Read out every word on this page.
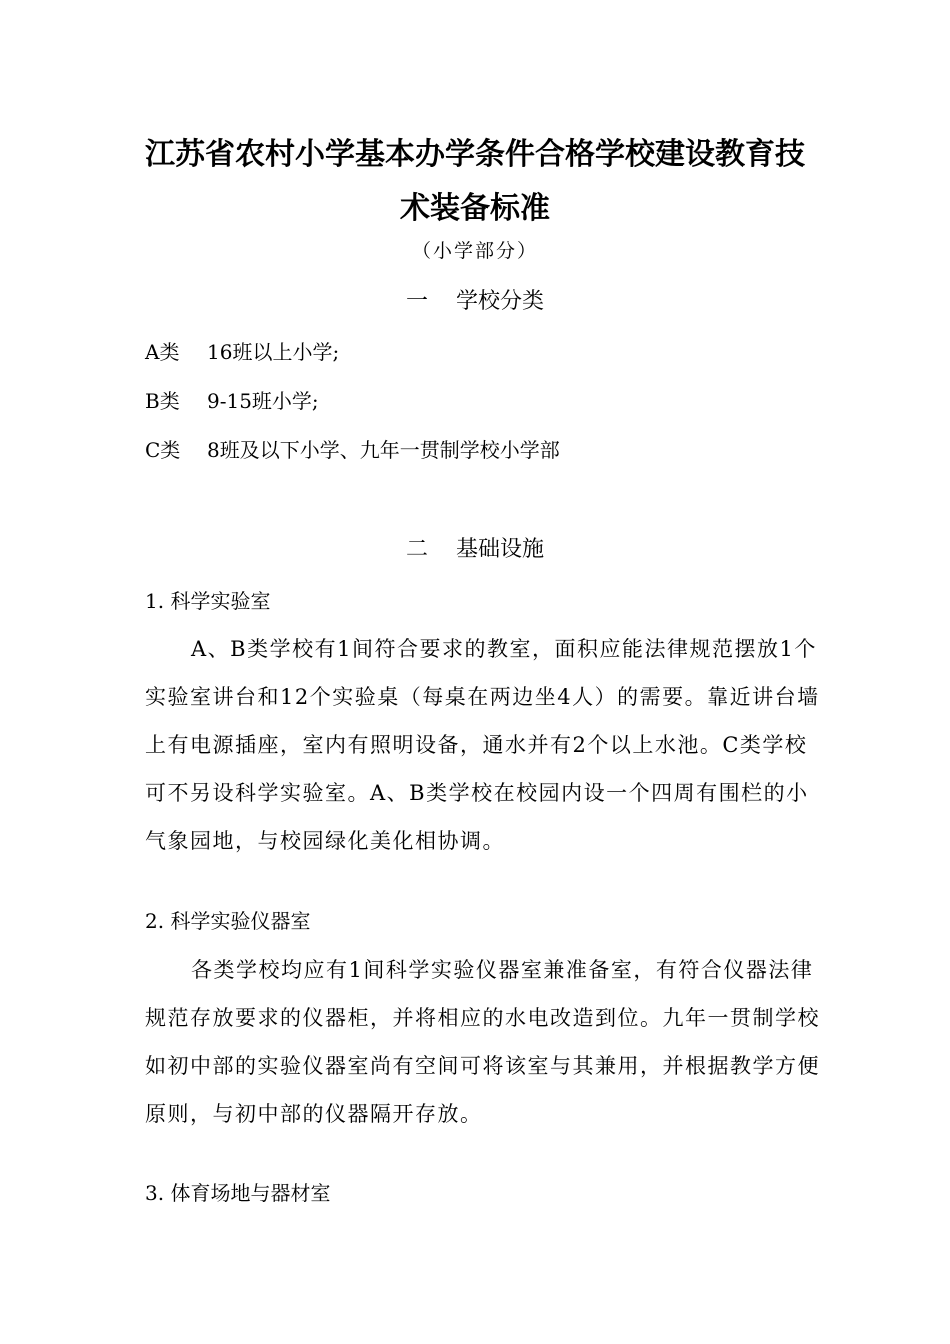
江苏省农村小学基本办学条件合格学校建设教育技术装备标准
（小学部分）
一 学校分类
A类 16班以上小学;
B类 9-15班小学;
C类 8班及以下小学、九年一贯制学校小学部
二 基础设施
1. 科学实验室

A、B类学校有1间符合要求的教室，面积应能法律规范摆放1个实验室讲台和12个实验桌（每桌在两边坐4人）的需要。靠近讲台墙上有电源插座，室内有照明设备，通水并有2个以上水池。C类学校可不另设科学实验室。A、B类学校在校园内设一个四周有围栏的小气象园地，与校园绿化美化相协调。

2. 科学实验仪器室

各类学校均应有1间科学实验仪器室兼准备室，有符合仪器法律规范存放要求的仪器柜，并将相应的水电改造到位。九年一贯制学校如初中部的实验仪器室尚有空间可将该室与其兼用，并根据教学方便原则，与初中部的仪器隔开存放。

3. 体育场地与器材室
